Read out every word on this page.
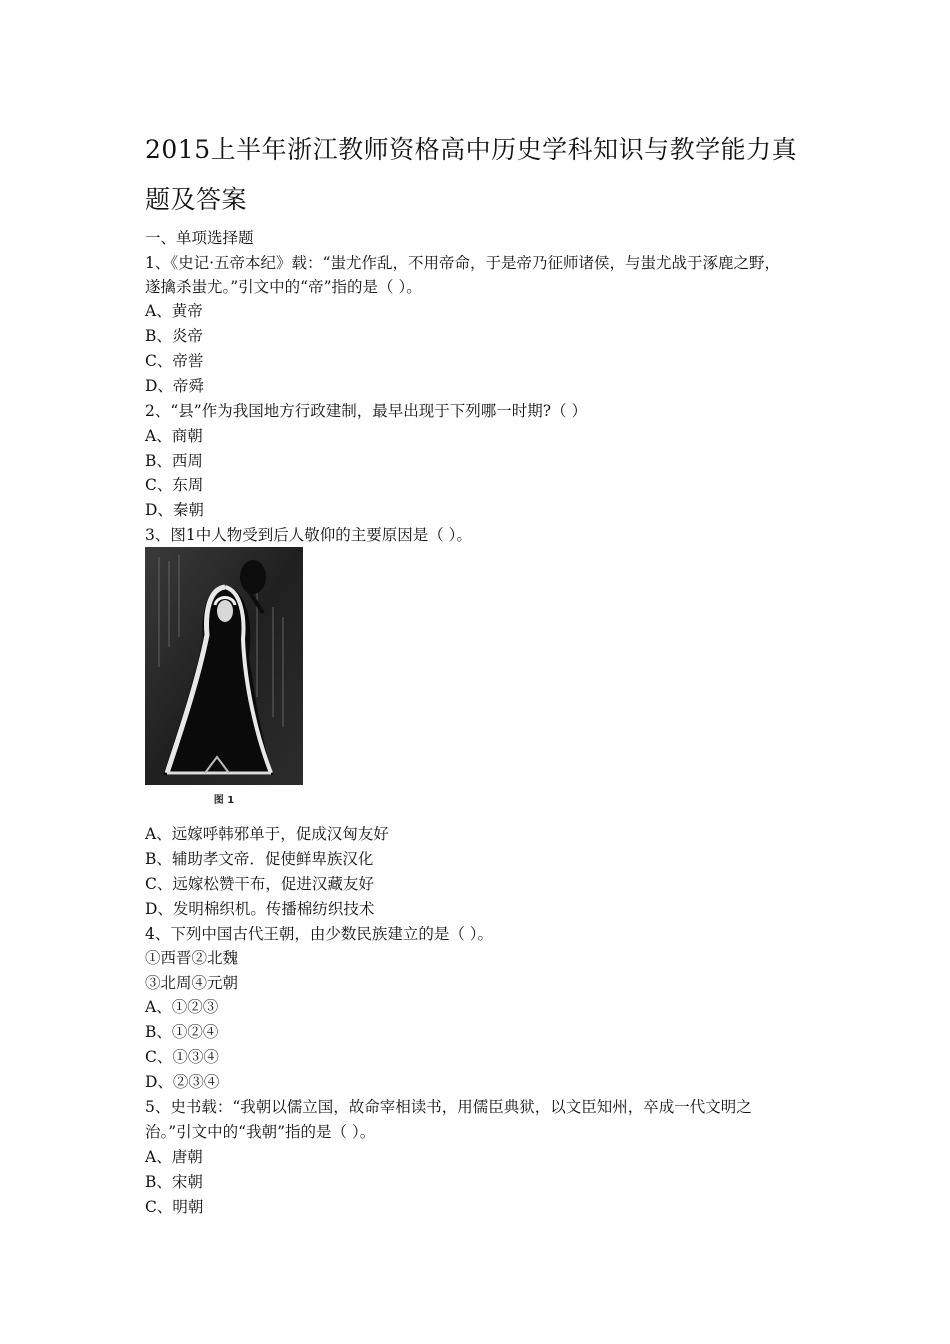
2015上半年浙江教师资格高中历史学科知识与教学能力真
题及答案
一、单项选择题
1、《史记·五帝本纪》载：“蚩尤作乱，不用帝命，于是帝乃征师诸侯，与蚩尤战于涿鹿之野，
遂擒杀蚩尤。”引文中的“帝”指的是（ ）。
A、黄帝
B、炎帝
C、帝喾
D、帝舜
2、“县”作为我国地方行政建制，最早出现于下列哪一时期?（ ）
A、商朝
B、西周
C、东周
D、秦朝
3、图1中人物受到后人敬仰的主要原因是（ ）。
图 1
A、远嫁呼韩邪单于，促成汉匈友好
B、辅助孝文帝．促使鲜卑族汉化
C、远嫁松赞干布，促进汉藏友好
D、发明棉织机。传播棉纺织技术
4、下列中国古代王朝，由少数民族建立的是（ ）。
①西晋②北魏
③北周④元朝
A、①②③
B、①②④
C、①③④
D、②③④
5、史书载：“我朝以儒立国，故命宰相读书，用儒臣典狱，以文臣知州，卒成一代文明之
治。”引文中的“我朝”指的是（ ）。
A、唐朝
B、宋朝
C、明朝
